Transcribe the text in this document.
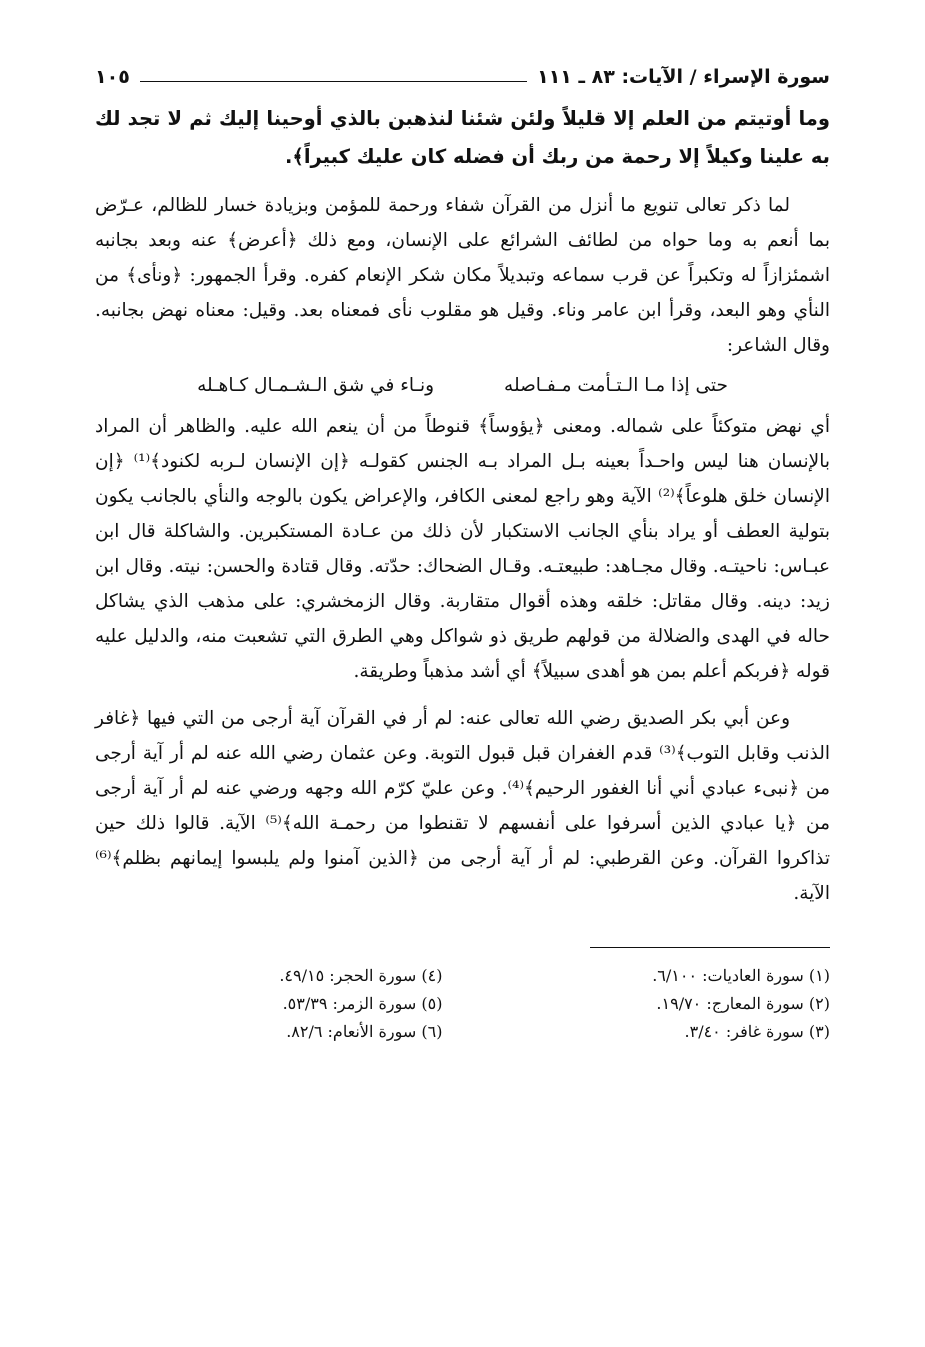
سورة الإسراء / الآيات: ٨٣ ـ ١١١
١٠٥
وما أوتيتم من العلم إلا قليلاً ولئن شئنا لنذهبن بالذي أوحينا إليك ثم لا تجد لك به علينا وكيلاً إلا رحمة من ربك أن فضله كان عليك كبيراً﴾.

لما ذكر تعالى تنويع ما أنزل من القرآن شفاء ورحمة للمؤمن وبزيادة خسار للظالم، عـرّض بما أنعم به وما حواه من لطائف الشرائع على الإنسان، ومع ذلك ﴿أعرض﴾ عنه وبعد بجانبه اشمئزازاً له وتكبراً عن قرب سماعه وتبديلاً مكان شكر الإنعام كفره. وقرأ الجمهور: ﴿ونأى﴾ من النأي وهو البعد، وقرأ ابن عامر وناء. وقيل هو مقلوب نأى فمعناه بعد. وقيل: معناه نهض بجانبه. وقال الشاعر:

حتى إذا مـا الـتـأمت مـفـاصله
ونـاء في شق الـشـمـال كـاهـله

أي نهض متوكئاً على شماله. ومعنى ﴿يؤوساً﴾ قنوطاً من أن ينعم الله عليه. والظاهر أن المراد بالإنسان هنا ليس واحـداً بعينه بـل المراد بـه الجنس كقولـه ﴿إن الإنسان لـربه لكنود﴾⁽¹⁾ ﴿إن الإنسان خلق هلوعاً﴾⁽²⁾ الآية وهو راجع لمعنى الكافر، والإعراض يكون بالوجه والنأي بالجانب يكون بتولية العطف أو يراد بنأي الجانب الاستكبار لأن ذلك من عـادة المستكبرين. والشاكلة قال ابن عبـاس: ناحيتـه. وقال مجـاهد: طبيعتـه. وقـال الضحاك: حدّته. وقال قتادة والحسن: نيته. وقال ابن زيد: دينه. وقال مقاتل: خلقه وهذه أقوال متقاربة. وقال الزمخشري: على مذهب الذي يشاكل حاله في الهدى والضلالة من قولهم طريق ذو شواكل وهي الطرق التي تشعبت منه، والدليل عليه قوله ﴿فربكم أعلم بمن هو أهدى سبيلاً﴾ أي أشد مذهباً وطريقة.

وعن أبي بكر الصديق رضي الله تعالى عنه: لم أر في القرآن آية أرجى من التي فيها ﴿غافر الذنب وقابل التوب﴾⁽³⁾ قدم الغفران قبل قبول التوبة. وعن عثمان رضي الله عنه لم أر آية أرجى من ﴿نبىء عبادي أني أنا الغفور الرحيم﴾⁽⁴⁾. وعن عليّ كرّم الله وجهه ورضي عنه لم أر آية أرجى من ﴿يا عبادي الذين أسرفوا على أنفسهم لا تقنطوا من رحمـة الله﴾⁽⁵⁾ الآية. قالوا ذلك حين تذاكروا القرآن. وعن القرطبي: لم أر آية أرجى من ﴿الذين آمنوا ولم يلبسوا إيمانهم بظلم﴾⁽⁶⁾ الآية.

(١) سورة العاديات: ٦/١٠٠.
(٢) سورة المعارج: ١٩/٧٠.
(٣) سورة غافر: ٣/٤٠.
(٤) سورة الحجر: ٤٩/١٥.
(٥) سورة الزمر: ٥٣/٣٩.
(٦) سورة الأنعام: ٨٢/٦.
